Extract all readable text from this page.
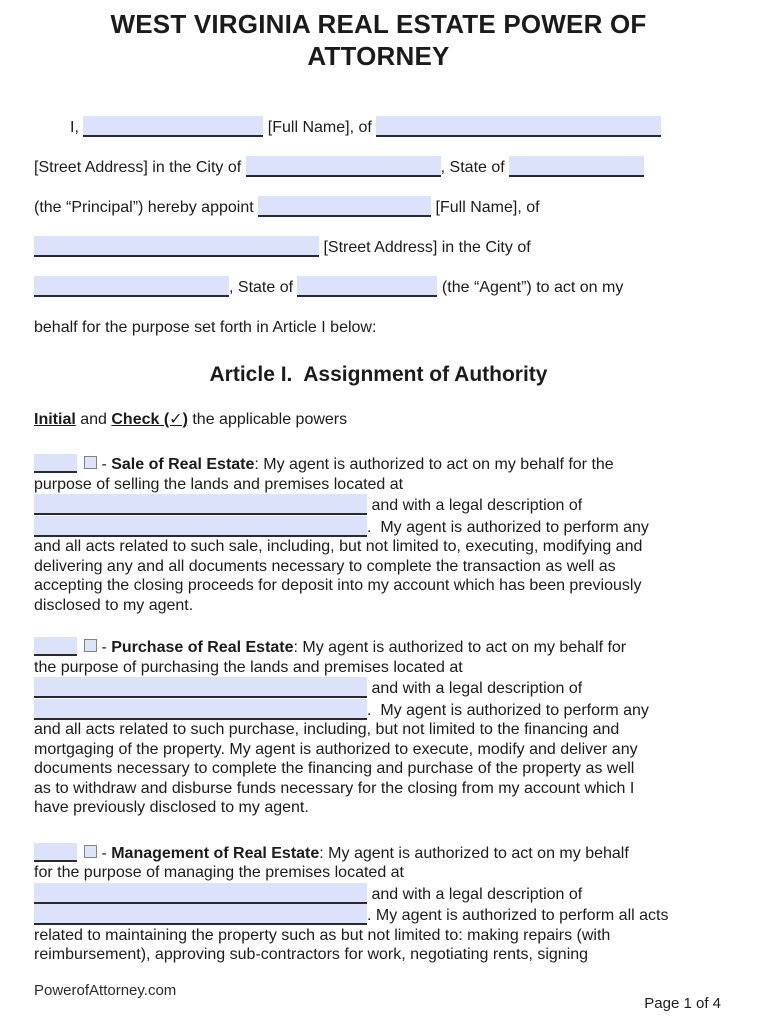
WEST VIRGINIA REAL ESTATE POWER OF ATTORNEY
I,	[Full Name], of
[Street Address] in the City of	, State of
(the “Principal”) hereby appoint	[Full Name], of
[Street Address] in the City of
, State of	(the “Agent”) to act on my
behalf for the purpose set forth in Article I below:
Article I.  Assignment of Authority
Initial and Check (✓) the applicable powers
- Sale of Real Estate: My agent is authorized to act on my behalf for the
purpose of selling the lands and premises located at
and with a legal description of
.  My agent is authorized to perform any
and all acts related to such sale, including, but not limited to, executing, modifying and
delivering any and all documents necessary to complete the transaction as well as
accepting the closing proceeds for deposit into my account which has been previously
disclosed to my agent.
- Purchase of Real Estate: My agent is authorized to act on my behalf for
the purpose of purchasing the lands and premises located at
and with a legal description of
.  My agent is authorized to perform any
and all acts related to such purchase, including, but not limited to the financing and
mortgaging of the property. My agent is authorized to execute, modify and deliver any
documents necessary to complete the financing and purchase of the property as well
as to withdraw and disburse funds necessary for the closing from my account which I
have previously disclosed to my agent.
- Management of Real Estate: My agent is authorized to act on my behalf
for the purpose of managing the premises located at
and with a legal description of
. My agent is authorized to perform all acts
related to maintaining the property such as but not limited to: making repairs (with
reimbursement), approving sub-contractors for work, negotiating rents, signing
PowerofAttorney.com
Page 1 of 4
